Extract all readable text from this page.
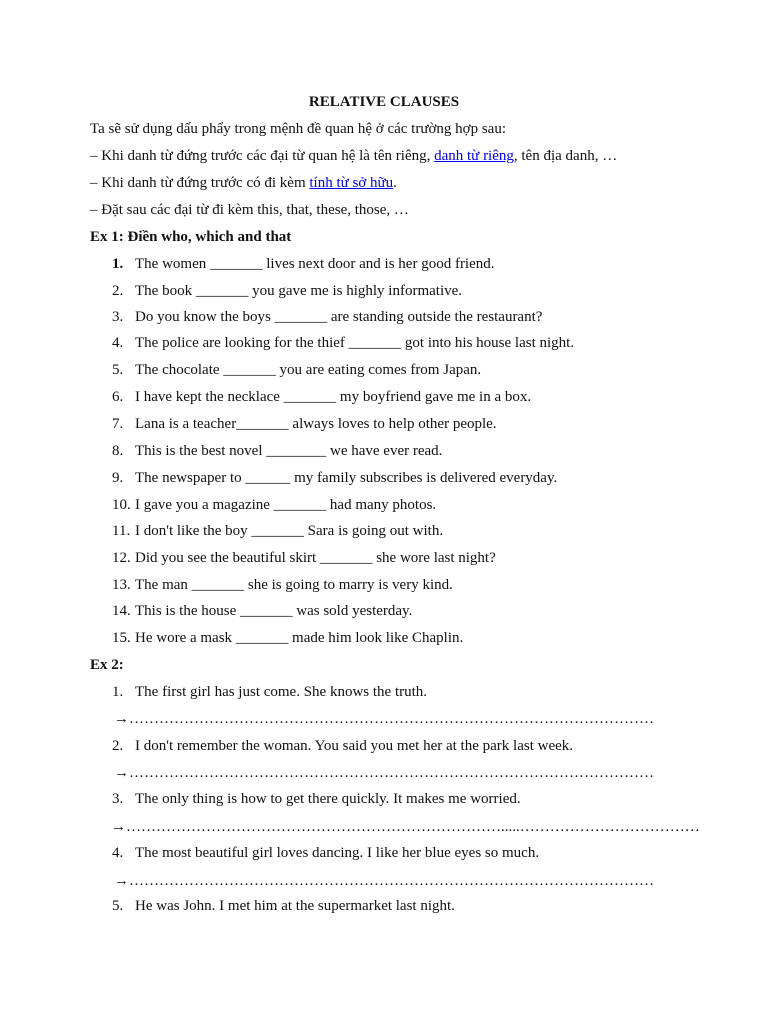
RELATIVE CLAUSES
Ta sẽ sử dụng dấu phẩy trong mệnh đề quan hệ ở các trường hợp sau:
– Khi danh từ đứng trước các đại từ quan hệ là tên riêng, danh từ riêng, tên địa danh, …
– Khi danh từ đứng trước có đi kèm tính từ sở hữu.
– Đặt sau các đại từ đi kèm this, that, these, those, …
Ex 1: Điền who, which and that
1. The women _______ lives next door and is her good friend.
2. The book _______ you gave me is highly informative.
3. Do you know the boys _______ are standing outside the restaurant?
4. The police are looking for the thief _______ got into his house last night.
5. The chocolate _______ you are eating comes from Japan.
6. I have kept the necklace _______ my boyfriend gave me in a box.
7. Lana is a teacher_______ always loves to help other people.
8. This is the best novel ________ we have ever read.
9. The newspaper to ______ my family subscribes is delivered everyday.
10. I gave you a magazine _______ had many photos.
11. I don't like the boy _______ Sara is going out with.
12. Did you see the beautiful skirt _______ she wore last night?
13. The man _______ she is going to marry is very kind.
14. This is the house _______ was sold yesterday.
15. He wore a mask _______ made him look like Chaplin.
Ex 2:
1. The first girl has just come. She knows the truth.
→……………………………………………………………………………………………
2. I don't remember the woman. You said you met her at the park last week.
→……………………………………………………………………………………………
3. The only thing is how to get there quickly. It makes me worried.
→………………………………………………………………….....………………………………
4. The most beautiful girl loves dancing. I like her blue eyes so much.
→……………………………………………………………………………………………
5. He was John. I met him at the supermarket last night.
